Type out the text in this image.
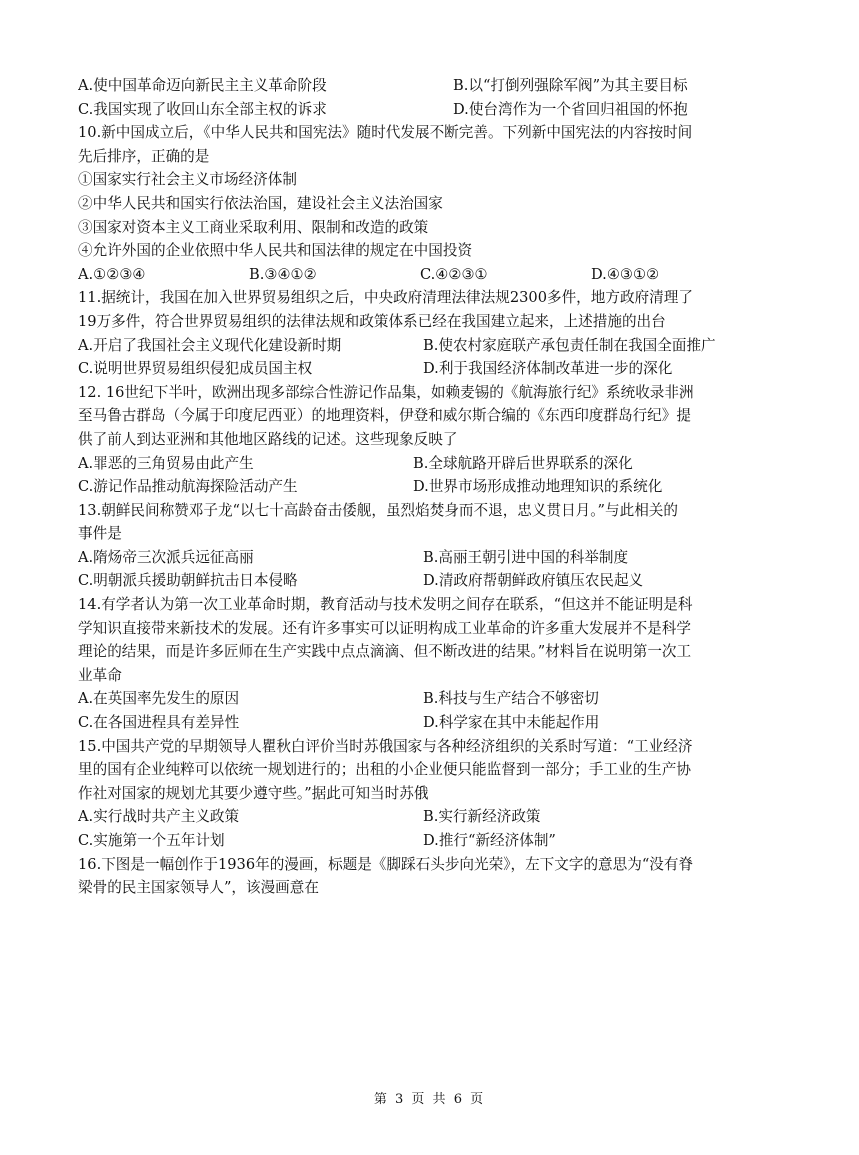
A.使中国革命迈向新民主主义革命阶段	B.以“打倒列强除军阀”为其主要目标
C.我国实现了收回山东全部主权的诉求	D.使台湾作为一个省回归祖国的怀抱
10.新中国成立后，《中华人民共和国宪法》随时代发展不断完善。下列新中国宪法的内容按时间
先后排序，正确的是
①国家实行社会主义市场经济体制
②中华人民共和国实行依法治国，建设社会主义法治国家
③国家对资本主义工商业采取利用、限制和改造的政策
④允许外国的企业依照中华人民共和国法律的规定在中国投资
A.①②③④	B.③④①②	C.④②③①	D.④③①②
11.据统计，我国在加入世界贸易组织之后，中央政府清理法律法规2300多件，地方政府清理了
19万多件，符合世界贸易组织的法律法规和政策体系已经在我国建立起来，上述措施的出台
A.开启了我国社会主义现代化建设新时期	B.使农村家庭联产承包责任制在我国全面推广
C.说明世界贸易组织侵犯成员国主权	D.利于我国经济体制改革进一步的深化
12. 16世纪下半叶，欧洲出现多部综合性游记作品集，如赖麦锡的《航海旅行纪》系统收录非洲
至马鲁古群岛（今属于印度尼西亚）的地理资料，伊登和威尔斯合编的《东西印度群岛行纪》提
供了前人到达亚洲和其他地区路线的记述。这些现象反映了
A.罪恶的三角贸易由此产生	B.全球航路开辟后世界联系的深化
C.游记作品推动航海探险活动产生	D.世界市场形成推动地理知识的系统化
13.朝鲜民间称赞邓子龙“以七十高龄奋击倭舰，虽烈焰焚身而不退，忠义贯日月。”与此相关的
事件是
A.隋炀帝三次派兵远征高丽	B.高丽王朝引进中国的科举制度
C.明朝派兵援助朝鲜抗击日本侵略	D.清政府帮朝鲜政府镇压农民起义
14.有学者认为第一次工业革命时期，教育活动与技术发明之间存在联系，“但这并不能证明是科
学知识直接带来新技术的发展。还有许多事实可以证明构成工业革命的许多重大发展并不是科学
理论的结果，而是许多匠师在生产实践中点点滴滴、但不断改进的结果。”材料旨在说明第一次工
业革命
A.在英国率先发生的原因	B.科技与生产结合不够密切
C.在各国进程具有差异性	D.科学家在其中未能起作用
15.中国共产党的早期领导人瞿秋白评价当时苏俄国家与各种经济组织的关系时写道：“工业经济
里的国有企业纯粹可以依统一规划进行的；出租的小企业便只能监督到一部分；手工业的生产协
作社对国家的规划尤其要少遵守些。”据此可知当时苏俄
A.实行战时共产主义政策	B.实行新经济政策
C.实施第一个五年计划	D.推行“新经济体制”
16.下图是一幅创作于1936年的漫画，标题是《脚踩石头步向光荣》，左下文字的意思为“没有脊
梁骨的民主国家领导人”，该漫画意在
第 3 页 共 6 页
